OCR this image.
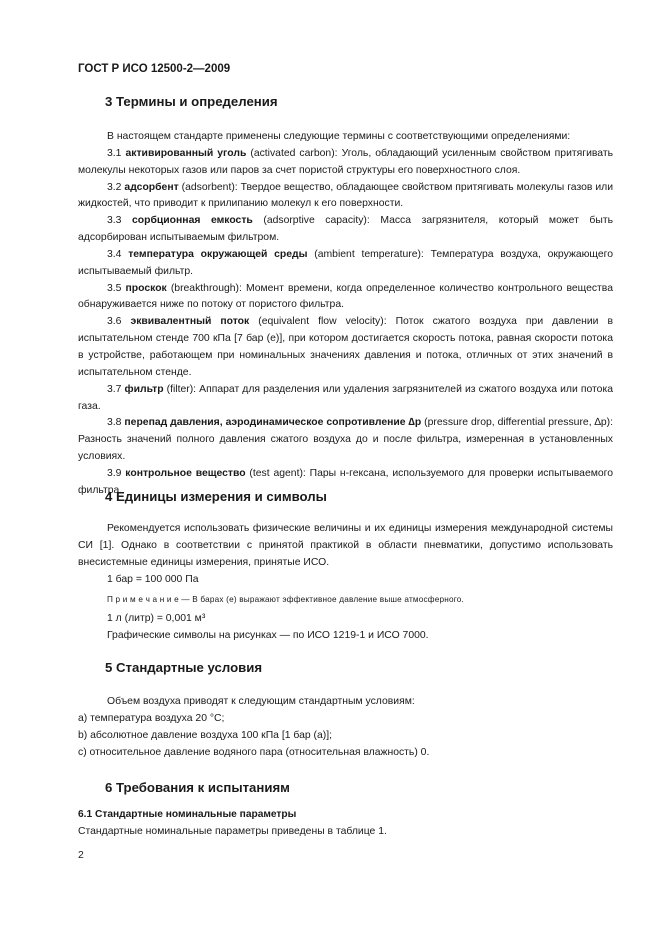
ГОСТ Р ИСО 12500-2—2009
3 Термины и определения

В настоящем стандарте применены следующие термины с соответствующими определениями:

3.1 активированный уголь (activated carbon): Уголь, обладающий усиленным свойством притягивать молекулы некоторых газов или паров за счет пористой структуры его поверхностного слоя.

3.2 адсорбент (adsorbent): Твердое вещество, обладающее свойством притягивать молекулы газов или жидкостей, что приводит к прилипанию молекул к его поверхности.

3.3 сорбционная емкость (adsorptive capacity): Масса загрязнителя, который может быть адсорбирован испытываемым фильтром.

3.4 температура окружающей среды (ambient temperature): Температура воздуха, окружающего испытываемый фильтр.

3.5 проскок (breakthrough): Момент времени, когда определенное количество контрольного вещества обнаруживается ниже по потоку от пористого фильтра.

3.6 эквивалентный поток (equivalent flow velocity): Поток сжатого воздуха при давлении в испытательном стенде 700 кПа [7 бар (е)], при котором достигается скорость потока, равная скорости потока в устройстве, работающем при номинальных значениях давления и потока, отличных от этих значений в испытательном стенде.

3.7 фильтр (filter): Аппарат для разделения или удаления загрязнителей из сжатого воздуха или потока газа.

3.8 перепад давления, аэродинамическое сопротивление ∆p (pressure drop, differential pressure, ∆p): Разность значений полного давления сжатого воздуха до и после фильтра, измеренная в установленных условиях.

3.9 контрольное вещество (test agent): Пары н-гексана, используемого для проверки испытываемого фильтра.

4 Единицы измерения и символы

Рекомендуется использовать физические величины и их единицы измерения международной системы СИ [1]. Однако в соответствии с принятой практикой в области пневматики, допустимо использовать внесистемные единицы измерения, принятые ИСО.

1 бар = 100 000 Па

П р и м е ч а н и е — В барах (е) выражают эффективное давление выше атмосферного.

1 л (литр) = 0,001 м³

Графические символы на рисунках — по ИСО 1219-1 и ИСО 7000.

5 Стандартные условия

Объем воздуха приводят к следующим стандартным условиям:

а) температура воздуха 20 °С;

b) абсолютное давление воздуха 100 кПа [1 бар (а)];

с) относительное давление водяного пара (относительная влажность) 0.

6 Требования к испытаниям

6.1 Стандартные номинальные параметры

Стандартные номинальные параметры приведены в таблице 1.

2
